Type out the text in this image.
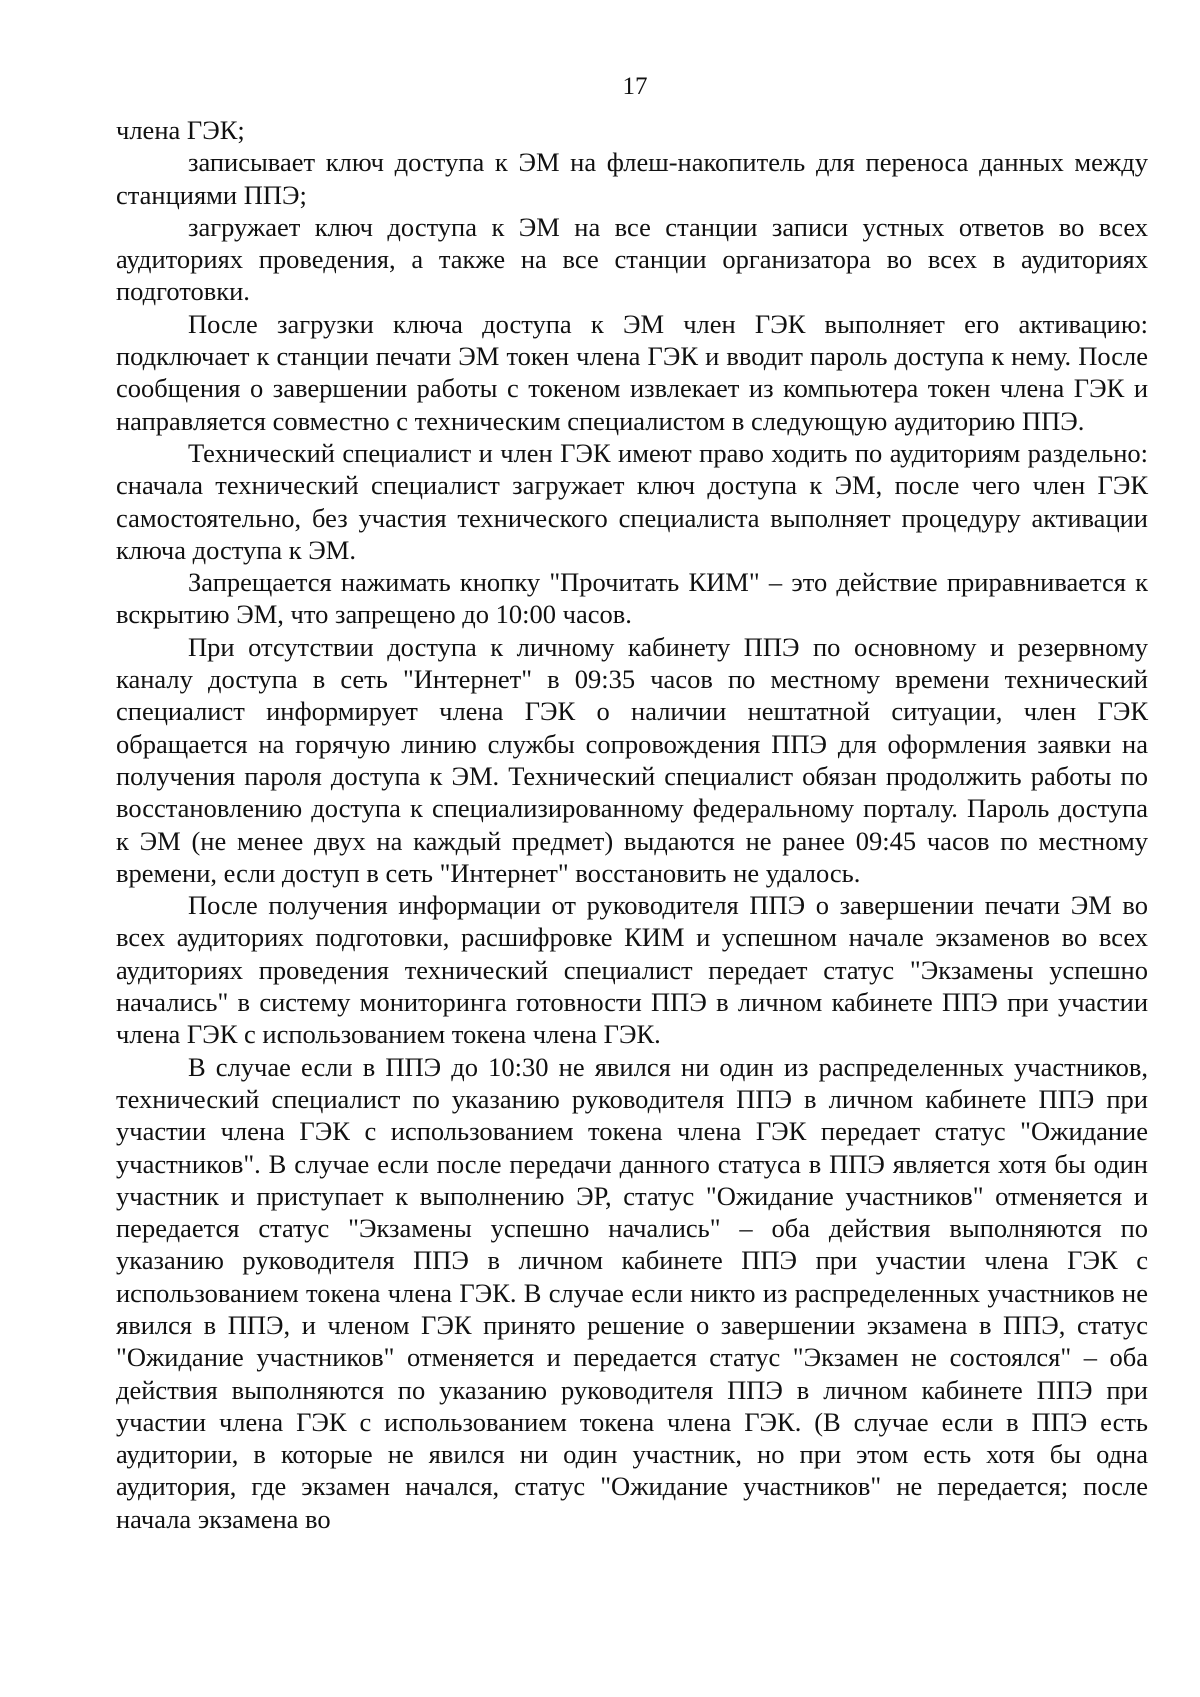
17

члена ГЭК;

записывает ключ доступа к ЭМ на флеш-накопитель для переноса данных между станциями ППЭ;

загружает ключ доступа к ЭМ на все станции записи устных ответов во всех аудиториях проведения, а также на все станции организатора во всех в аудиториях подготовки.

После загрузки ключа доступа к ЭМ член ГЭК выполняет его активацию: подключает к станции печати ЭМ токен члена ГЭК и вводит пароль доступа к нему. После сообщения о завершении работы с токеном извлекает из компьютера токен члена ГЭК и направляется совместно с техническим специалистом в следующую аудиторию ППЭ.

Технический специалист и член ГЭК имеют право ходить по аудиториям раздельно: сначала технический специалист загружает ключ доступа к ЭМ, после чего член ГЭК самостоятельно, без участия технического специалиста выполняет процедуру активации ключа доступа к ЭМ.

Запрещается нажимать кнопку "Прочитать КИМ" – это действие приравнивается к вскрытию ЭМ, что запрещено до 10:00 часов.

При отсутствии доступа к личному кабинету ППЭ по основному и резервному каналу доступа в сеть "Интернет" в 09:35 часов по местному времени технический специалист информирует члена ГЭК о наличии нештатной ситуации, член ГЭК обращается на горячую линию службы сопровождения ППЭ для оформления заявки на получения пароля доступа к ЭМ. Технический специалист обязан продолжить работы по восстановлению доступа к специализированному федеральному порталу. Пароль доступа к ЭМ (не менее двух на каждый предмет) выдаются не ранее 09:45 часов по местному времени, если доступ в сеть "Интернет" восстановить не удалось.

После получения информации от руководителя ППЭ о завершении печати ЭМ во всех аудиториях подготовки, расшифровке КИМ и успешном начале экзаменов во всех аудиториях проведения технический специалист передает статус "Экзамены успешно начались" в систему мониторинга готовности ППЭ в личном кабинете ППЭ при участии члена ГЭК с использованием токена члена ГЭК.

В случае если в ППЭ до 10:30 не явился ни один из распределенных участников, технический специалист по указанию руководителя ППЭ в личном кабинете ППЭ при участии члена ГЭК с использованием токена члена ГЭК передает статус "Ожидание участников". В случае если после передачи данного статуса в ППЭ является хотя бы один участник и приступает к выполнению ЭР, статус "Ожидание участников" отменяется и передается статус "Экзамены успешно начались" – оба действия выполняются по указанию руководителя ППЭ в личном кабинете ППЭ при участии члена ГЭК с использованием токена члена ГЭК. В случае если никто из распределенных участников не явился в ППЭ, и членом ГЭК принято решение о завершении экзамена в ППЭ, статус "Ожидание участников" отменяется и передается статус "Экзамен не состоялся" – оба действия выполняются по указанию руководителя ППЭ в личном кабинете ППЭ при участии члена ГЭК с использованием токена члена ГЭК. (В случае если в ППЭ есть аудитории, в которые не явился ни один участник, но при этом есть хотя бы одна аудитория, где экзамен начался, статус "Ожидание участников" не передается; после начала экзамена во
